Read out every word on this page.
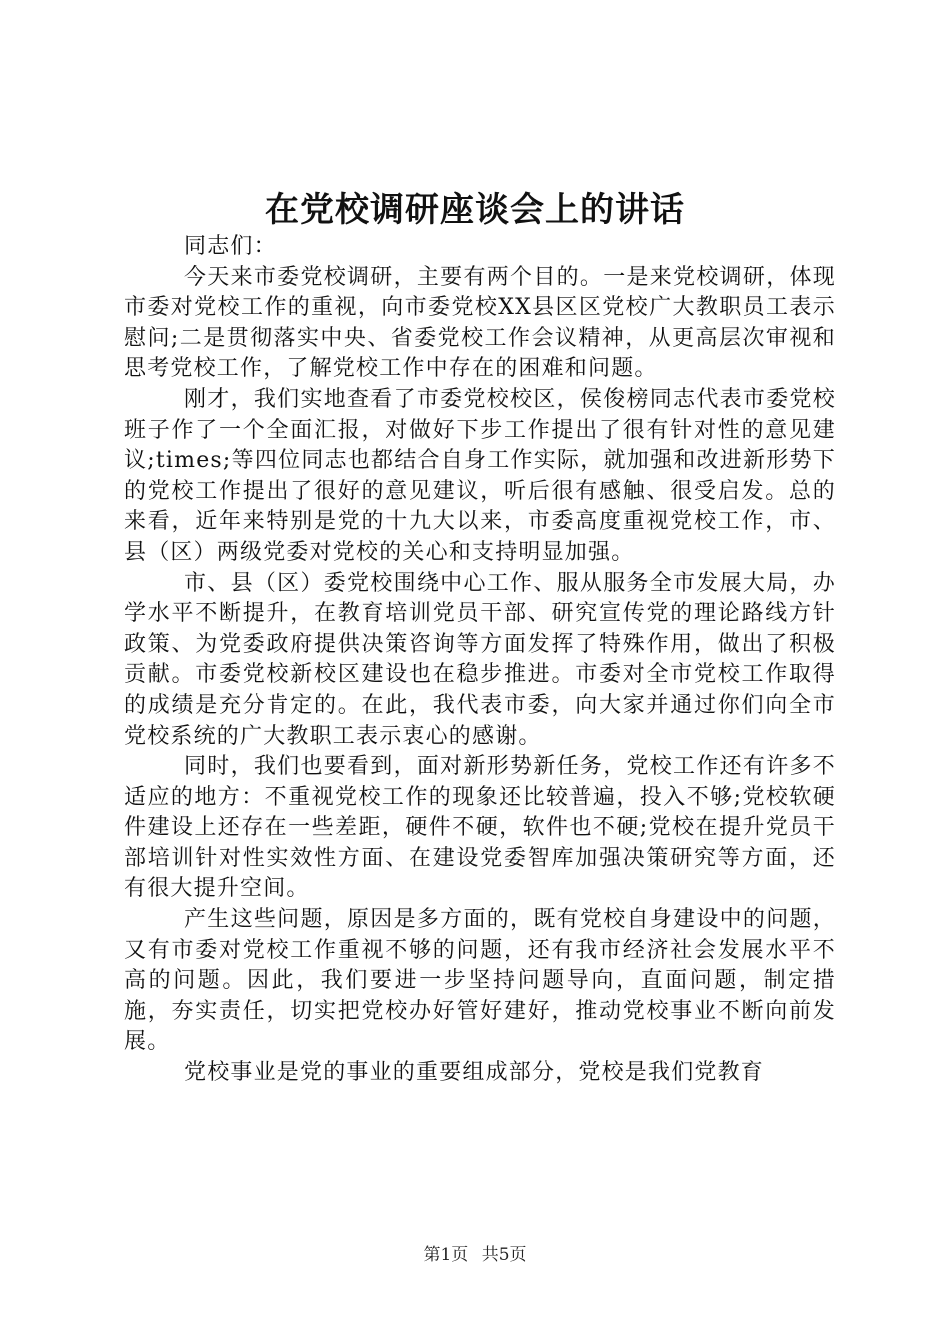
在党校调研座谈会上的讲话

同志们：

今天来市委党校调研，主要有两个目的。一是来党校调研，体现市委对党校工作的重视，向市委党校XX县区区党校广大教职员工表示慰问;二是贯彻落实中央、省委党校工作会议精神，从更高层次审视和思考党校工作，了解党校工作中存在的困难和问题。

刚才，我们实地查看了市委党校校区，侯俊榜同志代表市委党校班子作了一个全面汇报，对做好下步工作提出了很有针对性的意见建议;times;等四位同志也都结合自身工作实际，就加强和改进新形势下的党校工作提出了很好的意见建议，听后很有感触、很受启发。总的来看，近年来特别是党的十九大以来，市委高度重视党校工作，市、县（区）两级党委对党校的关心和支持明显加强。

市、县（区）委党校围绕中心工作、服从服务全市发展大局，办学水平不断提升，在教育培训党员干部、研究宣传党的理论路线方针政策、为党委政府提供决策咨询等方面发挥了特殊作用，做出了积极贡献。市委党校新校区建设也在稳步推进。市委对全市党校工作取得的成绩是充分肯定的。在此，我代表市委，向大家并通过你们向全市党校系统的广大教职工表示衷心的感谢。

同时，我们也要看到，面对新形势新任务，党校工作还有许多不适应的地方：不重视党校工作的现象还比较普遍，投入不够;党校软硬件建设上还存在一些差距，硬件不硬，软件也不硬;党校在提升党员干部培训针对性实效性方面、在建设党委智库加强决策研究等方面，还有很大提升空间。

产生这些问题，原因是多方面的，既有党校自身建设中的问题，又有市委对党校工作重视不够的问题，还有我市经济社会发展水平不高的问题。因此，我们要进一步坚持问题导向，直面问题，制定措施，夯实责任，切实把党校办好管好建好，推动党校事业不断向前发展。

党校事业是党的事业的重要组成部分，党校是我们党教育

第1页 共5页
